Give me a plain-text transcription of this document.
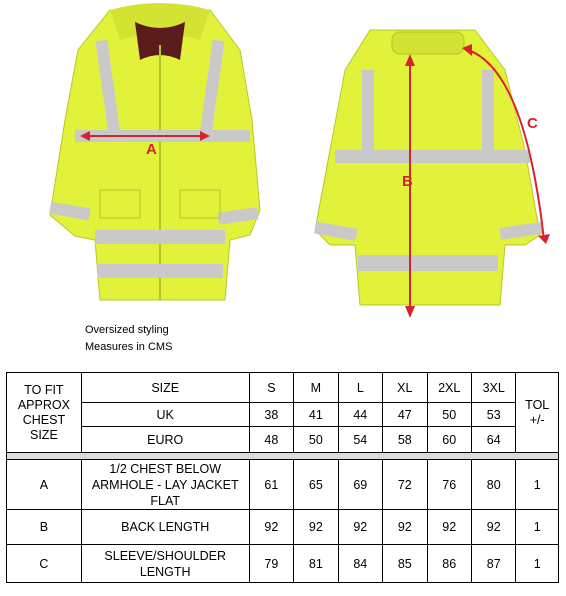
A
B
C
Oversized styling
Measures in CMS
TO FIT APPROX CHEST SIZE	SIZE	S	M	L	XL	2XL	3XL	TOL +/-
	UK	38	41	44	47	50	53	
	EURO	48	50	54	58	60	64	

A	1/2 CHEST BELOW ARMHOLE - LAY JACKET FLAT	61	65	69	72	76	80	1
B	BACK LENGTH	92	92	92	92	92	92	1
C	SLEEVE/SHOULDER LENGTH	79	81	84	85	86	87	1
